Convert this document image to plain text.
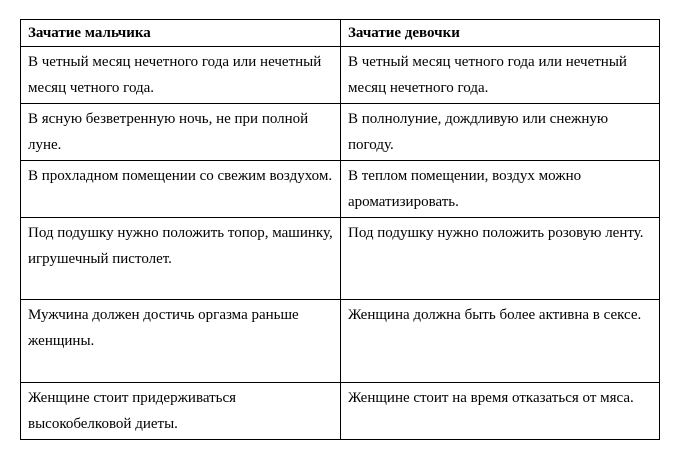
Зачатие мальчика	Зачатие девочки
В четный месяц нечетного года или нечетный месяц четного года.	В четный месяц четного года или нечетный месяц нечетного года.
В ясную безветренную ночь, не при полной луне.	В полнолуние, дождливую или снежную погоду.
В прохладном помещении со свежим воздухом.	В теплом помещении, воздух можно ароматизировать.
Под подушку нужно положить топор, машинку, игрушечный пистолет.	Под подушку нужно положить розовую ленту.
Мужчина должен достичь оргазма раньше женщины.	Женщина должна быть более активна в сексе.
Женщине стоит придерживаться высокобелковой диеты.	Женщине стоит на время отказаться от мяса.
